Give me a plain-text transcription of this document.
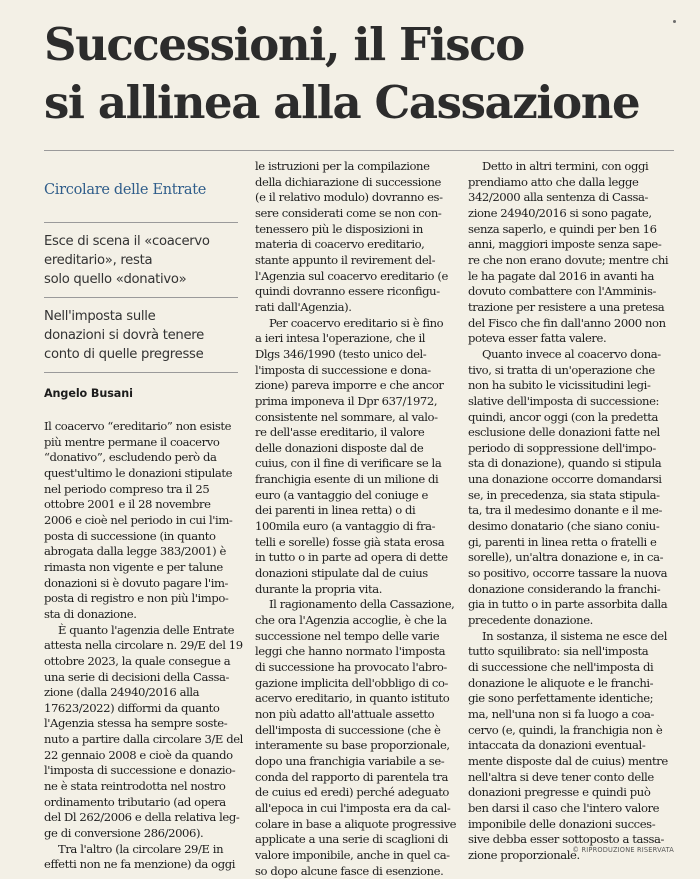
Successioni, il Fisco
si allinea alla Cassazione

Circolare delle Entrate

Esce di scena il «coacervo
ereditario», resta
solo quello «donativo»

Nell'imposta sulle
donazioni si dovrà tenere
conto di quelle pregresse

Angelo Busani

Il coacervo “ereditario” non esiste
più mentre permane il coacervo
“donativo”, escludendo però da
quest'ultimo le donazioni stipulate
nel periodo compreso tra il 25
ottobre 2001 e il 28 novembre
2006 e cioè nel periodo in cui l'im-
posta di successione (in quanto
abrogata dalla legge 383/2001) è
rimasta non vigente e per talune
donazioni si è dovuto pagare l'im-
posta di registro e non più l'impo-
sta di donazione.

È quanto l'agenzia delle Entrate
attesta nella circolare n. 29/E del 19
ottobre 2023, la quale consegue a
una serie di decisioni della Cassa-
zione (dalla 24940/2016 alla
17623/2022) difformi da quanto
l'Agenzia stessa ha sempre soste-
nuto a partire dalla circolare 3/E del
22 gennaio 2008 e cioè da quando
l'imposta di successione e donazio-
ne è stata reintrodotta nel nostro
ordinamento tributario (ad opera
del Dl 262/2006 e della relativa leg-
ge di conversione 286/2006).

Tra l'altro (la circolare 29/E in
effetti non ne fa menzione) da oggi

le istruzioni per la compilazione
della dichiarazione di successione
(e il relativo modulo) dovranno es-
sere considerati come se non con-
tenessero più le disposizioni in
materia di coacervo ereditario,
stante appunto il revirement del-
l'Agenzia sul coacervo ereditario (e
quindi dovranno essere riconfigu-
rati dall'Agenzia).

Per coacervo ereditario si è fino
a ieri intesa l'operazione, che il
Dlgs 346/1990 (testo unico del-
l'imposta di successione e dona-
zione) pareva imporre e che ancor
prima imponeva il Dpr 637/1972,
consistente nel sommare, al valo-
re dell'asse ereditario, il valore
delle donazioni disposte dal de
cuius, con il fine di verificare se la
franchigia esente di un milione di
euro (a vantaggio del coniuge e
dei parenti in linea retta) o di
100mila euro (a vantaggio di fra-
telli e sorelle) fosse già stata erosa
in tutto o in parte ad opera di dette
donazioni stipulate dal de cuius
durante la propria vita.

Il ragionamento della Cassazione,
che ora l'Agenzia accoglie, è che la
successione nel tempo delle varie
leggi che hanno normato l'imposta
di successione ha provocato l'abro-
gazione implicita dell'obbligo di co-
acervo ereditario, in quanto istituto
non più adatto all'attuale assetto
dell'imposta di successione (che è
interamente su base proporzionale,
dopo una franchigia variabile a se-
conda del rapporto di parentela tra
de cuius ed eredi) perché adeguato
all'epoca in cui l'imposta era da cal-
colare in base a aliquote progressive
applicate a una serie di scaglioni di
valore imponibile, anche in quel ca-
so dopo alcune fasce di esenzione.

Detto in altri termini, con oggi
prendiamo atto che dalla legge
342/2000 alla sentenza di Cassa-
zione 24940/2016 si sono pagate,
senza saperlo, e quindi per ben 16
anni, maggiori imposte senza sape-
re che non erano dovute; mentre chi
le ha pagate dal 2016 in avanti ha
dovuto combattere con l'Amminis-
trazione per resistere a una pretesa
del Fisco che fin dall'anno 2000 non
poteva esser fatta valere.

Quanto invece al coacervo dona-
tivo, si tratta di un'operazione che
non ha subito le vicissitudini legi-
slative dell'imposta di successione:
quindi, ancor oggi (con la predetta
esclusione delle donazioni fatte nel
periodo di soppressione dell'impo-
sta di donazione), quando si stipula
una donazione occorre domandarsi
se, in precedenza, sia stata stipula-
ta, tra il medesimo donante e il me-
desimo donatario (che siano coniu-
gi, parenti in linea retta o fratelli e
sorelle), un'altra donazione e, in ca-
so positivo, occorre tassare la nuova
donazione considerando la franchi-
gia in tutto o in parte assorbita dalla
precedente donazione.

In sostanza, il sistema ne esce del
tutto squilibrato: sia nell'imposta
di successione che nell'imposta di
donazione le aliquote e le franchi-
gie sono perfettamente identiche;
ma, nell'una non si fa luogo a coa-
cervo (e, quindi, la franchigia non è
intaccata da donazioni eventual-
mente disposte dal de cuius) mentre
nell'altra si deve tener conto delle
donazioni pregresse e quindi può
ben darsi il caso che l'intero valore
imponibile delle donazioni succes-
sive debba esser sottoposto a tassa-
zione proporzionale.

© RIPRODUZIONE RISERVATA
